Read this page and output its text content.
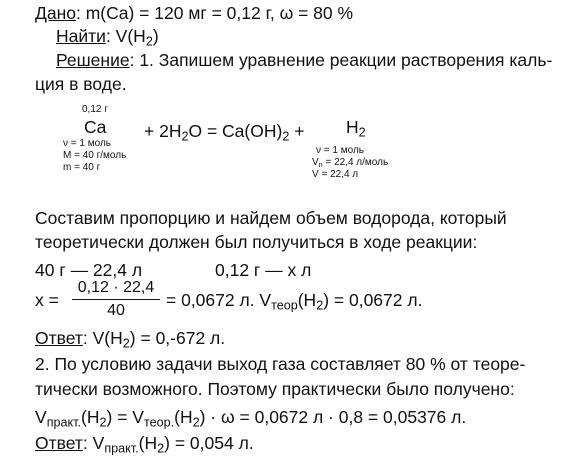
Дано: m(Ca) = 120 мг = 0,12 г, ω = 80 %
Найти: $V(H_2)$
Решение: 1. Запишем уравнение реакции растворения каль-
ция в воде.
0,12 г
$Ca + 2H_2O = Ca(OH)_2 + H_2$
ν = 1 моль
M = 40 г/моль
m = 40 г
ν = 1 моль
$V_n = 22,4$ л/моль
V = 22,4 л
Составим пропорцию и найдем объем водорода, который
теоретически должен был получиться в ходе реакции:
40 г — 22,4 л	0,12 г — x л
x =
0,12 · 22,4
40
= 0,0672 л. $V_{теор}(H_2) = 0,0672$ л.
Ответ: $V(H_2) = 0,-672$ л.
2. По условию задачи выход газа составляет 80 % от теоре-
тически возможного. Поэтому практически было получено:
$V_{практ.}(H_2) = V_{теор.}(H_2) \cdot \omega = 0,0672$ л · 0,8 = 0,05376 л.
Ответ: $V_{практ.}(H_2) = 0,054$ л.
